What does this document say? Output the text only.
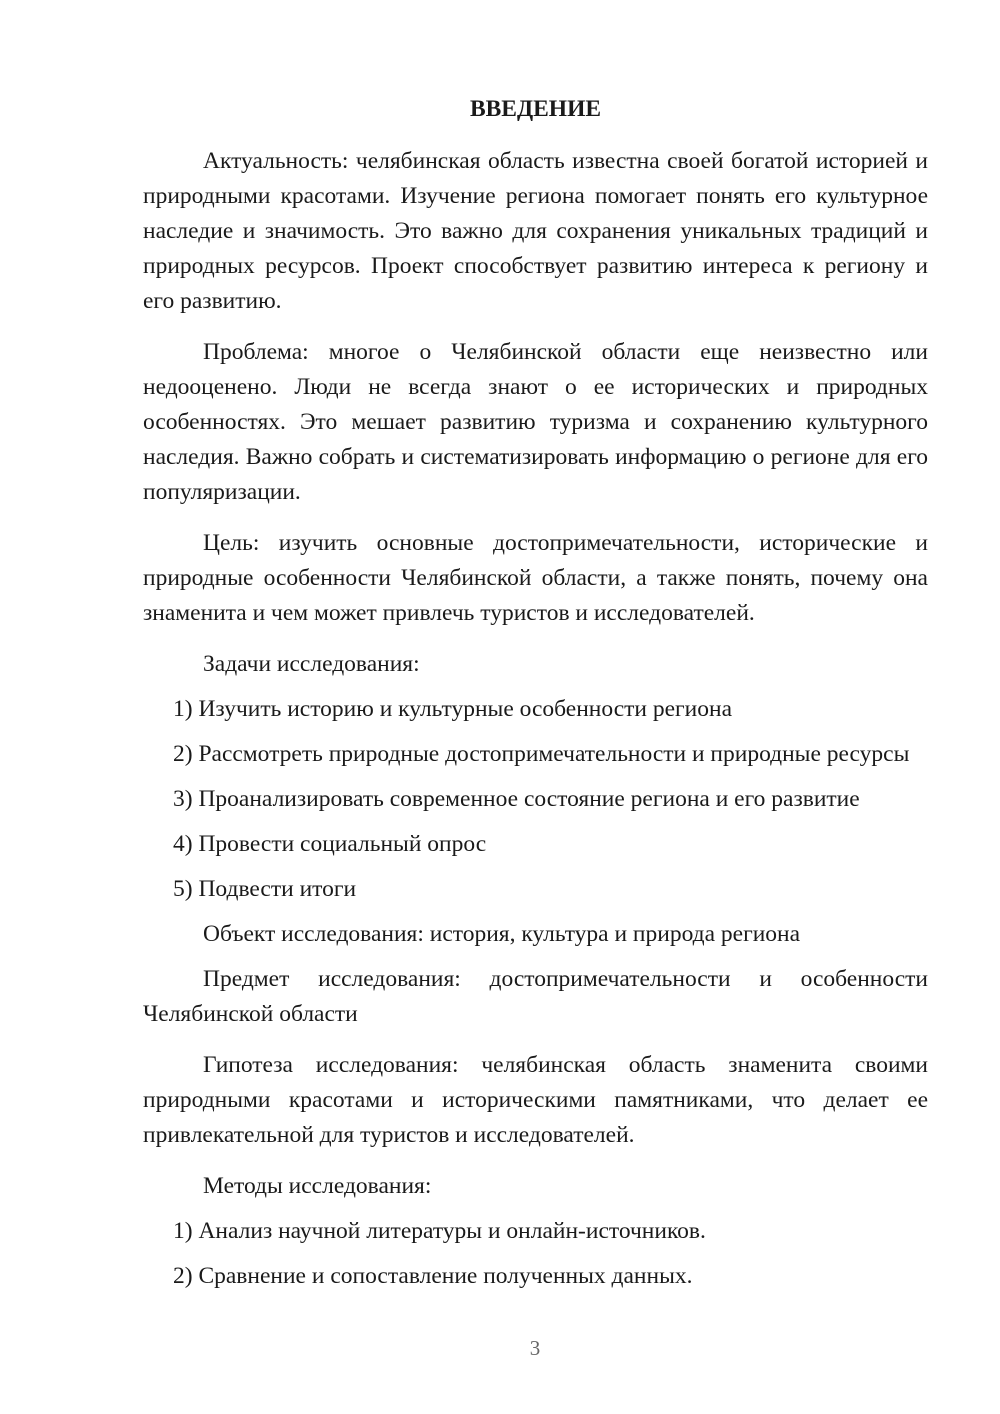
ВВЕДЕНИЕ

Актуальность: челябинская область известна своей богатой историей и природными красотами. Изучение региона помогает понять его культурное наследие и значимость. Это важно для сохранения уникальных традиций и природных ресурсов. Проект способствует развитию интереса к региону и его развитию.

Проблема: многое о Челябинской области еще неизвестно или недооценено. Люди не всегда знают о ее исторических и природных особенностях. Это мешает развитию туризма и сохранению культурного наследия. Важно собрать и систематизировать информацию о регионе для его популяризации.

Цель: изучить основные достопримечательности, исторические и природные особенности Челябинской области, а также понять, почему она знаменита и чем может привлечь туристов и исследователей.

Задачи исследования:

1) Изучить историю и культурные особенности региона

2) Рассмотреть природные достопримечательности и природные ресурсы

3) Проанализировать современное состояние региона и его развитие

4) Провести социальный опрос

5) Подвести итоги

Объект исследования: история, культура и природа региона

Предмет исследования: достопримечательности и особенности Челябинской области

Гипотеза исследования: челябинская область знаменита своими природными красотами и историческими памятниками, что делает ее привлекательной для туристов и исследователей.

Методы исследования:

1) Анализ научной литературы и онлайн-источников.

2) Сравнение и сопоставление полученных данных.

3
